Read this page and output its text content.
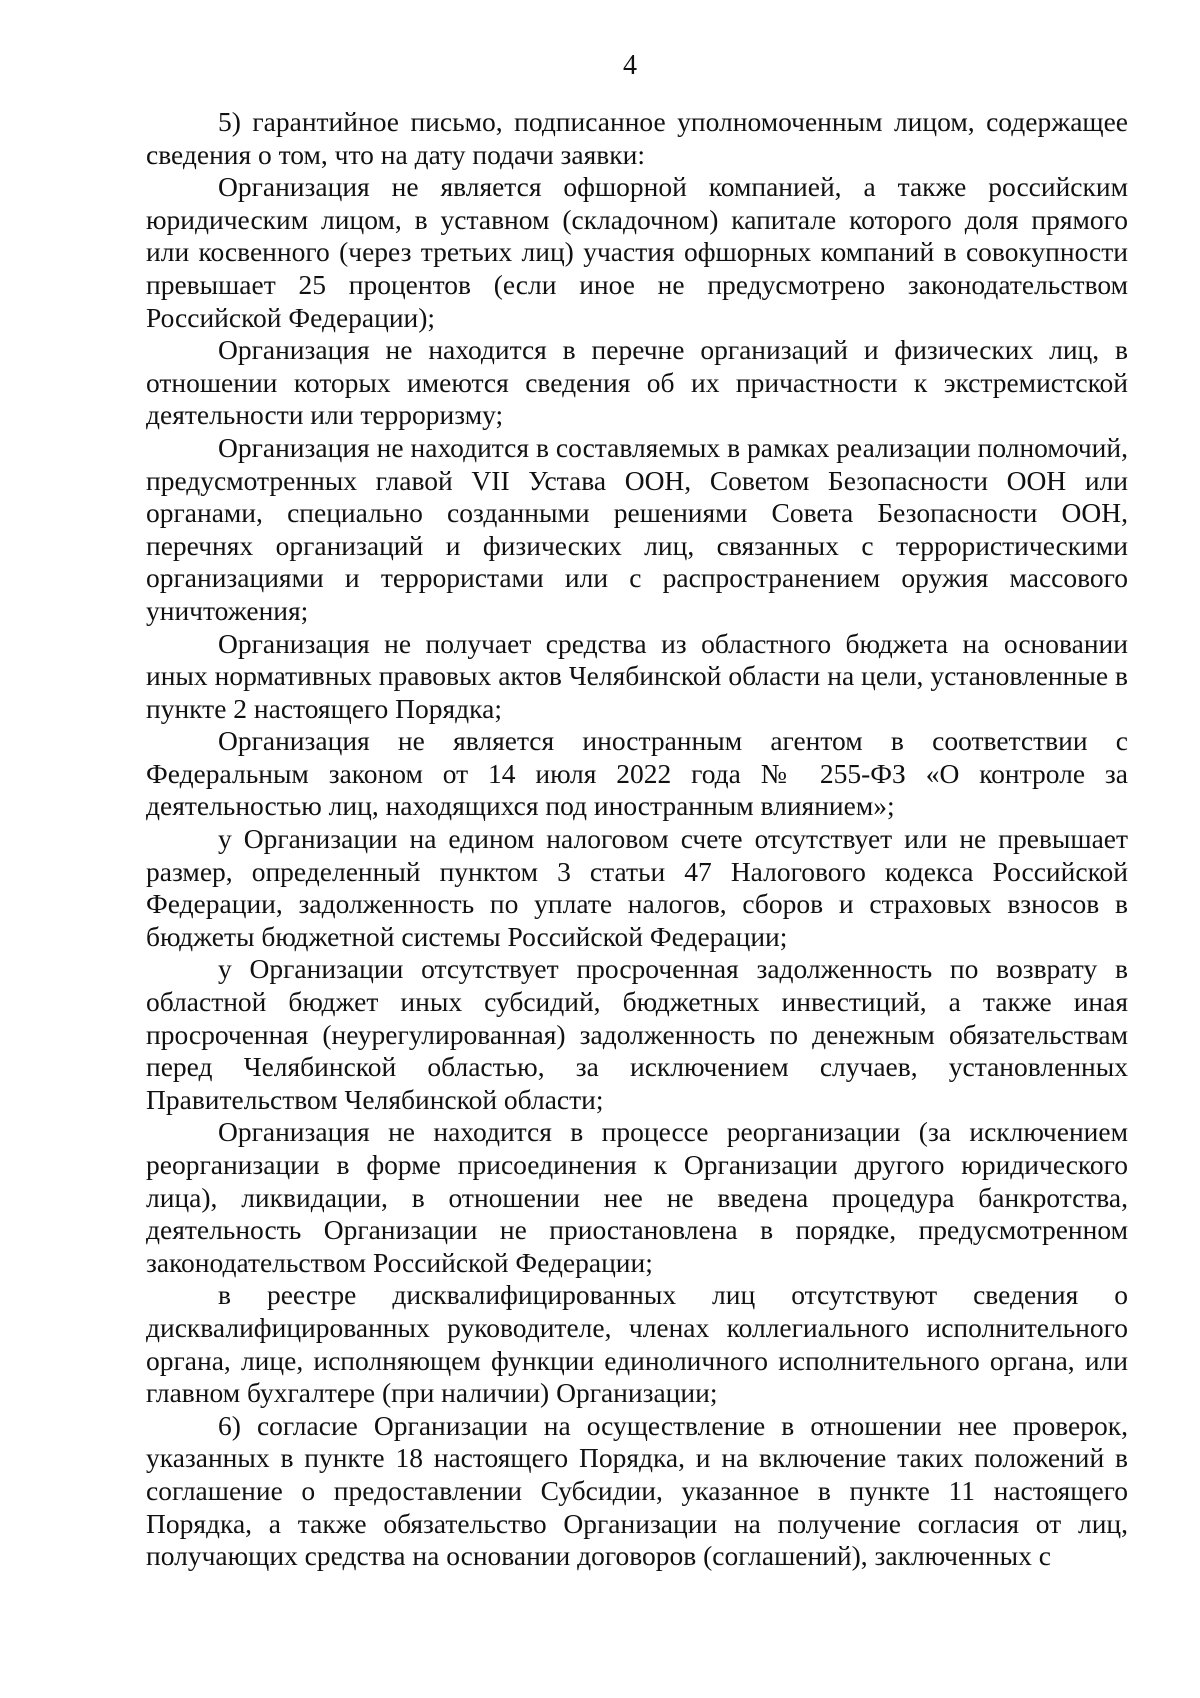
4

5) гарантийное письмо, подписанное уполномоченным лицом, содержащее сведения о том, что на дату подачи заявки:

Организация не является офшорной компанией, а также российским юридическим лицом, в уставном (складочном) капитале которого доля прямого или косвенного (через третьих лиц) участия офшорных компаний в совокупности превышает 25 процентов (если иное не предусмотрено законодательством Российской Федерации);

Организация не находится в перечне организаций и физических лиц, в отношении которых имеются сведения об их причастности к экстремистской деятельности или терроризму;

Организация не находится в составляемых в рамках реализации полномочий, предусмотренных главой VII Устава ООН, Советом Безопасности ООН или органами, специально созданными решениями Совета Безопасности ООН, перечнях организаций и физических лиц, связанных с террористическими организациями и террористами или с распространением оружия массового уничтожения;

Организация не получает средства из областного бюджета на основании иных нормативных правовых актов Челябинской области на цели, установленные в пункте 2 настоящего Порядка;

Организация не является иностранным агентом в соответствии с Федеральным законом от 14 июля 2022 года № 255-ФЗ «О контроле за деятельностью лиц, находящихся под иностранным влиянием»;

у Организации на едином налоговом счете отсутствует или не превышает размер, определенный пунктом 3 статьи 47 Налогового кодекса Российской Федерации, задолженность по уплате налогов, сборов и страховых взносов в бюджеты бюджетной системы Российской Федерации;

у Организации отсутствует просроченная задолженность по возврату в областной бюджет иных субсидий, бюджетных инвестиций, а также иная просроченная (неурегулированная) задолженность по денежным обязательствам перед Челябинской областью, за исключением случаев, установленных Правительством Челябинской области;

Организация не находится в процессе реорганизации (за исключением реорганизации в форме присоединения к Организации другого юридического лица), ликвидации, в отношении нее не введена процедура банкротства, деятельность Организации не приостановлена в порядке, предусмотренном законодательством Российской Федерации;

в реестре дисквалифицированных лиц отсутствуют сведения о дисквалифицированных руководителе, членах коллегиального исполнительного органа, лице, исполняющем функции единоличного исполнительного органа, или главном бухгалтере (при наличии) Организации;

6) согласие Организации на осуществление в отношении нее проверок, указанных в пункте 18 настоящего Порядка, и на включение таких положений в соглашение о предоставлении Субсидии, указанное в пункте 11 настоящего Порядка, а также обязательство Организации на получение согласия от лиц, получающих средства на основании договоров (соглашений), заключенных с
